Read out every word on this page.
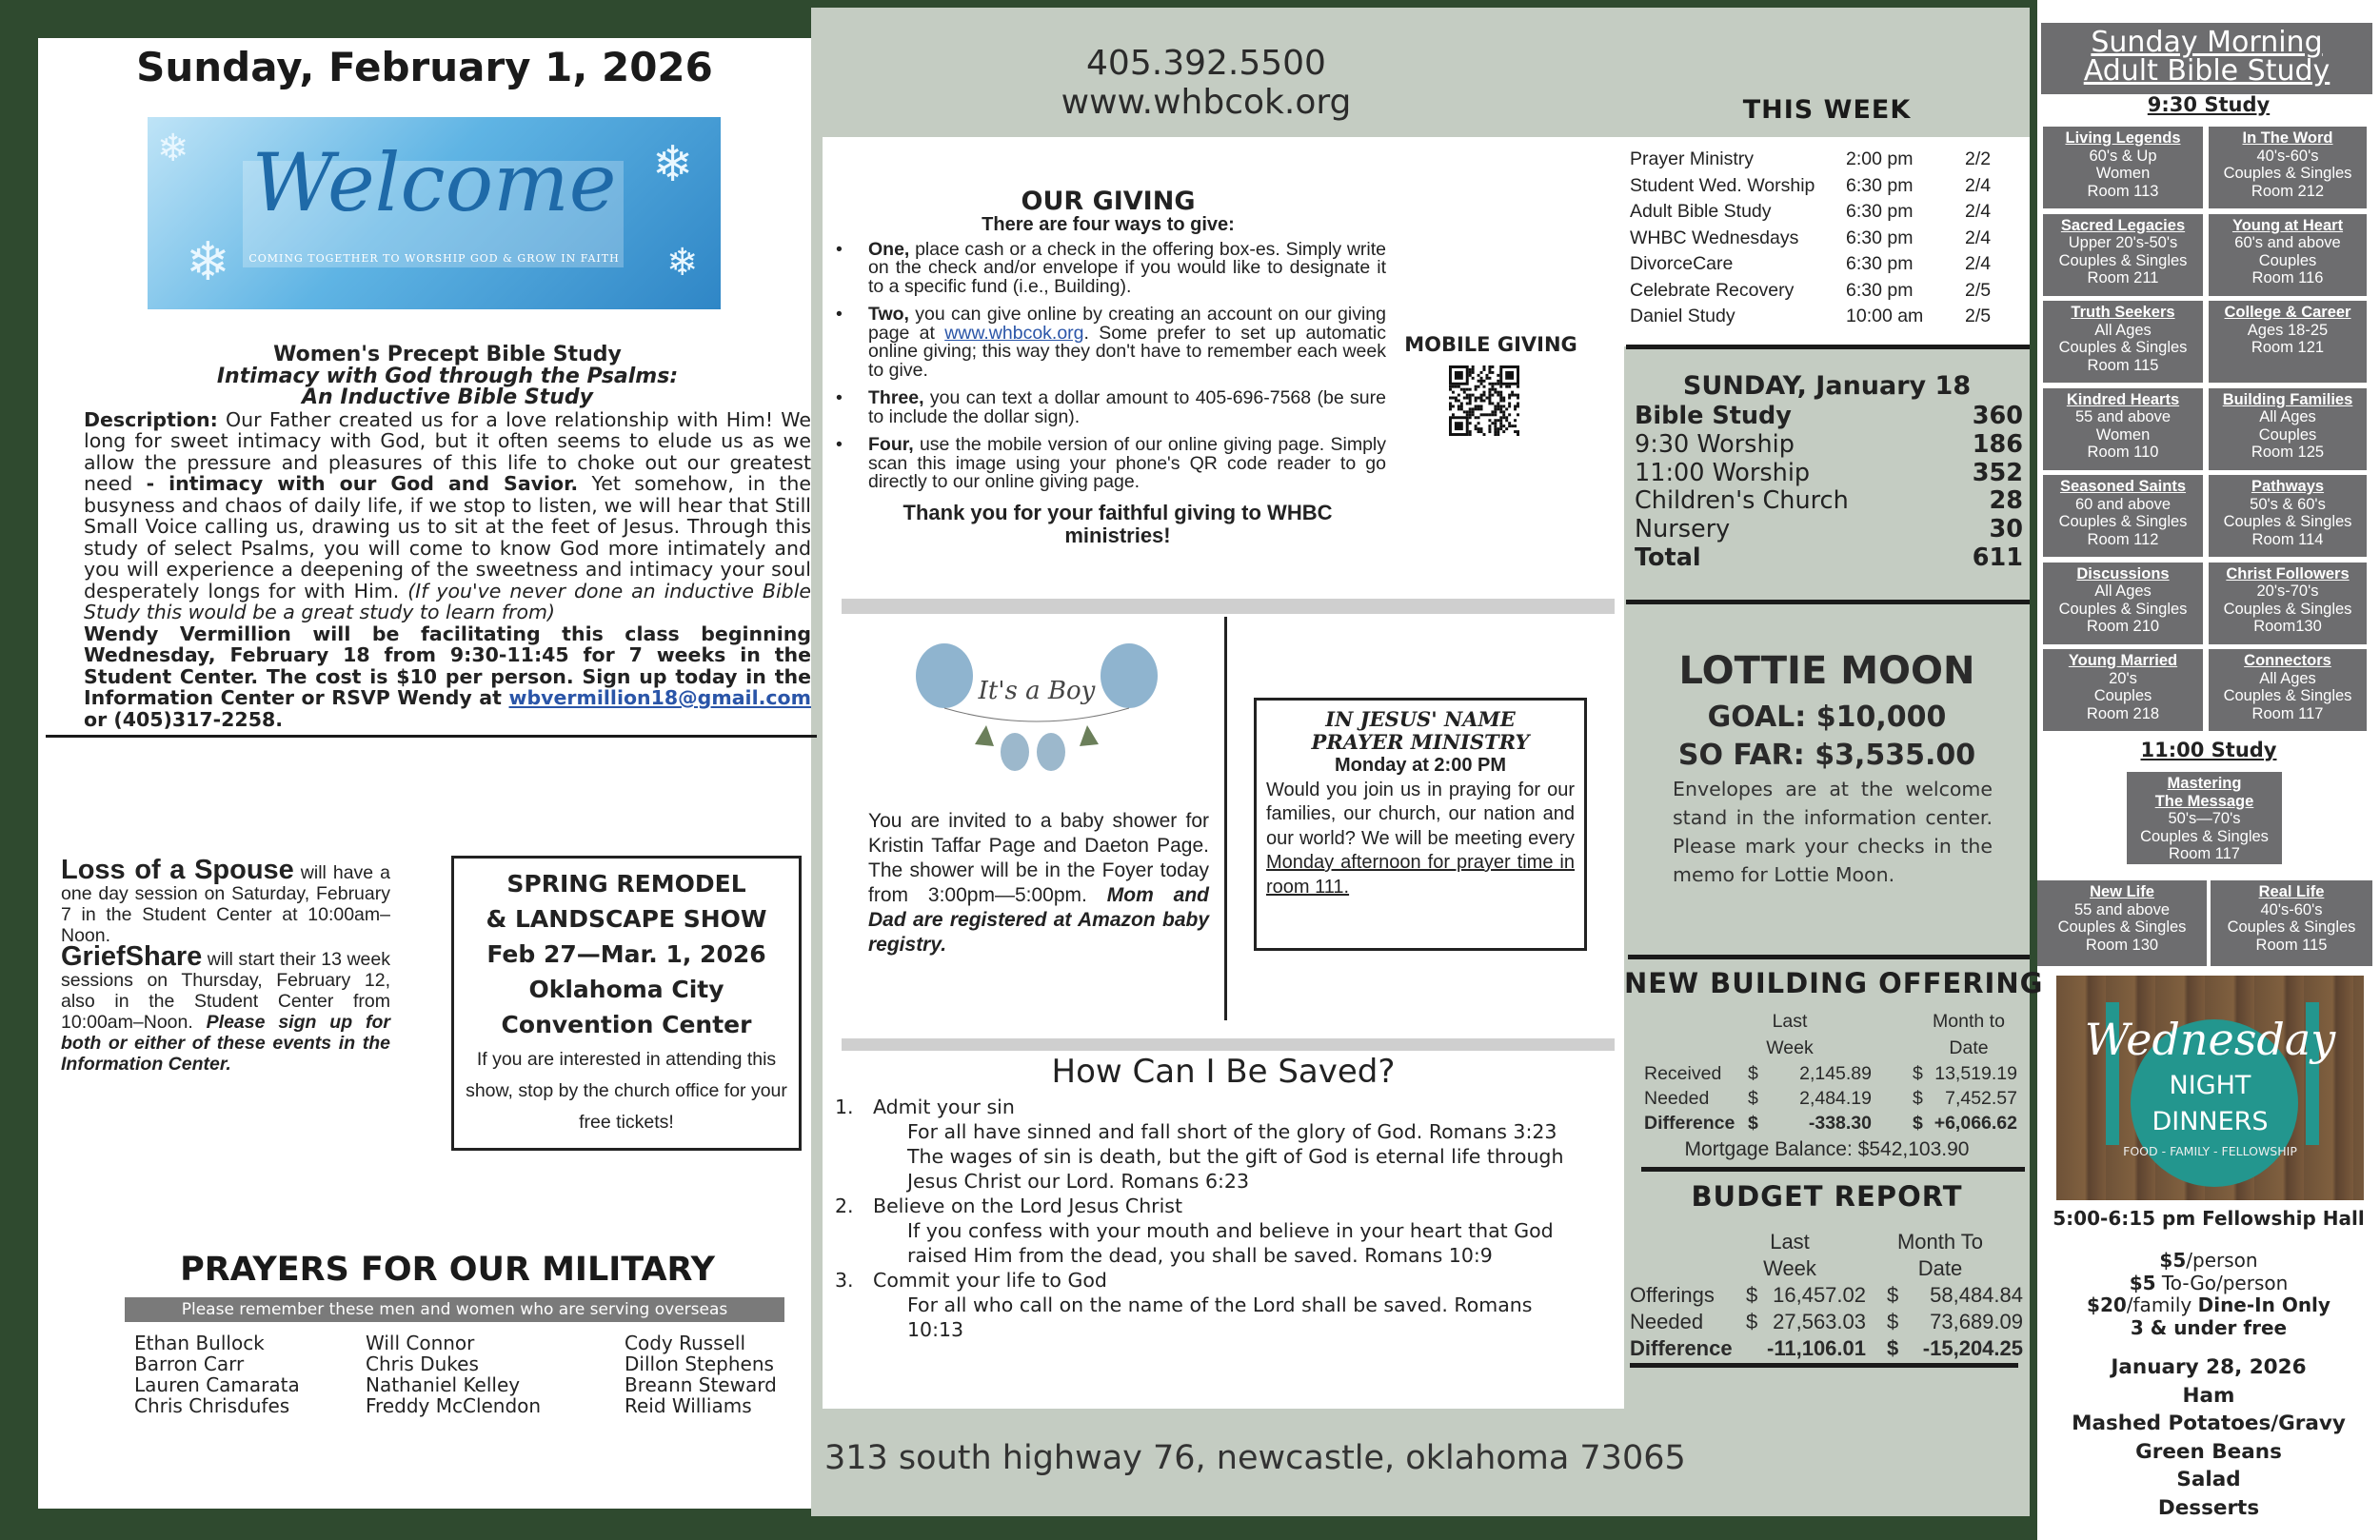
Sunday, February 1, 2026
❄
❄
❄
❄
Welcome
COMING TOGETHER TO WORSHIP GOD & GROW IN FAITH
Women's Precept Bible Study
Intimacy with God through the Psalms:
An Inductive Bible Study
Description: Our Father created us for a love relationship with Him! We long for sweet intimacy with God, but it often seems to elude us as we allow the pressure and pleasures of this life to choke out our greatest need - intimacy with our God and Savior. Yet somehow, in the busyness and chaos of daily life, if we stop to listen, we will hear that Still Small Voice calling us, drawing us to sit at the feet of Jesus. Through this study of select Psalms, you will come to know God more intimately and you will experience a deepening of the sweetness and intimacy your soul desperately longs for with Him. (If you've never done an inductive Bible Study this would be a great study to learn from)
Wendy Vermillion will be facilitating this class beginning Wednesday, February 18 from 9:30-11:45 for 7 weeks in the Student Center. The cost is $10 per person. Sign up today in the Information Center or RSVP Wendy at wbvermillion18@gmail.com or (405)317-2258.
Loss of a Spouse will have a one day session on Saturday, February 7 in the Student Center at 10:00am–Noon.
GriefShare will start their 13 week sessions on Thursday, February 12, also in the Student Center from 10:00am–Noon. Please sign up for both or either of these events in the Information Center.
SPRING REMODEL
& LANDSCAPE SHOW
Feb 27—Mar. 1, 2026
Oklahoma City
Convention Center
If you are interested in attending this show, stop by the church office for your free tickets!
PRAYERS FOR OUR MILITARY
Please remember these men and women who are serving overseas
Ethan Bullock
Barron Carr
Lauren Camarata
Chris Chrisdufes
Will Connor
Chris Dukes
Nathaniel Kelley
Freddy McClendon
Cody Russell
Dillon Stephens
Breann Steward
Reid Williams
405.392.5500
www.whbcok.org
OUR GIVING
There are four ways to give:
• One, place cash or a check in the offering box-es. Simply write on the check and/or envelope if you would like to designate it to a specific fund (i.e., Building).
• Two, you can give online by creating an account on our giving page at www.whbcok.org. Some prefer to set up automatic online giving; this way they don't have to remember each week to give.
• Three, you can text a dollar amount to 405-696-7568 (be sure to include the dollar sign).
• Four, use the mobile version of our online giving page. Simply scan this image using your phone's QR code reader to go directly to our online giving page.
Thank you for your faithful giving to WHBC ministries!
MOBILE GIVING
It's a Boy
You are invited to a baby shower for Kristin Taffar Page and Daeton Page. The shower will be in the Foyer today from 3:00pm—5:00pm. Mom and Dad are registered at Amazon baby registry.
IN JESUS' NAME
PRAYER MINISTRY
Monday at 2:00 PM
Would you join us in praying for our families, our church, our nation and our world? We will be meeting every Monday afternoon for prayer time in room 111.
How Can I Be Saved?
1. Admit your sin
For all have sinned and fall short of the glory of God. Romans 3:23
The wages of sin is death, but the gift of God is eternal life through Jesus Christ our Lord. Romans 6:23
2. Believe on the Lord Jesus Christ
If you confess with your mouth and believe in your heart that God raised Him from the dead, you shall be saved. Romans 10:9
3. Commit your life to God
For all who call on the name of the Lord shall be saved. Romans 10:13
313 south highway 76, newcastle, oklahoma 73065
THIS WEEK
Prayer Ministry	2:00 pm	2/2
Student Wed. Worship 6:30 pm	2/4
Adult Bible Study	6:30 pm	2/4
WHBC Wednesdays	6:30 pm	2/4
DivorceCare	6:30 pm	2/4
Celebrate Recovery	6:30 pm	2/5
Daniel Study	10:00 am 2/5
SUNDAY, January 18
Bible Study	360
9:30 Worship	186
11:00 Worship	352
Children's Church	28
Nursery	30
Total	611
LOTTIE MOON
GOAL: $10,000
SO FAR: $3,535.00
Envelopes are at the welcome stand in the information center. Please mark your checks in the memo for Lottie Moon.
NEW BUILDING OFFERING
Last
Week
Month to
Date
Received $	2,145.89 $ 13,519.19
Needed $	2,484.19 $	7,452.57
Difference $	-338.30 $ +6,066.62
Mortgage Balance: $542,103.90
BUDGET REPORT
Last
Week
Month To
Date
Offerings $ 16,457.02 $	58,484.84
Needed $ 27,563.03 $	73,689.09
Difference	-11,106.01 $	-15,204.25
Sunday Morning
Adult Bible Study
9:30 Study
Living Legends
60's & Up
Women
Room 113
In The Word
40's-60's
Couples & Singles
Room 212
Sacred Legacies
Upper 20's-50's
Couples & Singles
Room 211
Young at Heart
60's and above
Couples
Room 116
Truth Seekers
All Ages
Couples & Singles
Room 115
College & Career
Ages 18-25
Room 121
Kindred Hearts
55 and above
Women
Room 110
Building Families
All Ages
Couples
Room 125
Seasoned Saints
60 and above
Couples & Singles
Room 112
Pathways
50's & 60's
Couples & Singles
Room 114
Discussions
All Ages
Couples & Singles
Room 210
Christ Followers
20's-70's
Couples & Singles
Room130
Young Married
20's
Couples
Room 218
Connectors
All Ages
Couples & Singles
Room 117
11:00 Study
Mastering
The Message
50's—70's
Couples & Singles
Room 117
New Life
55 and above
Couples & Singles
Room 130
Real Life
40's-60's
Couples & Singles
Room 115
Wednesday
NIGHT
DINNERS
FOOD - FAMILY - FELLOWSHIP
5:00-6:15 pm Fellowship Hall
$5/person
$5 To-Go/person
$20/family Dine-In Only
3 & under free
January 28, 2026
Ham
Mashed Potatoes/Gravy
Green Beans
Salad
Desserts
